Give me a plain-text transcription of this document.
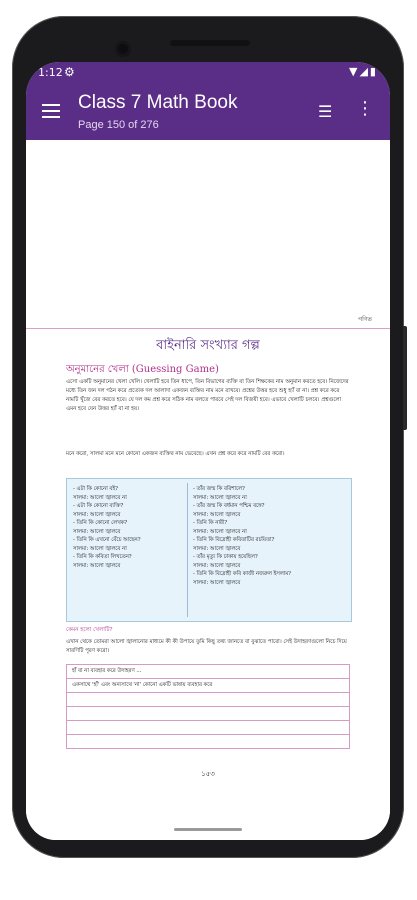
1:12 ⚙	▼◢▮
Class 7 Math Book
Page 150 of 276
☰ ⋮
গণিত
বাইনারি সংখ্যার গল্প
অনুমানের খেলা (Guessing Game)
এসো একটি অনুমানের খেলা খেলি। খেলাটি হবে তিন ধাপে, তিন বিভাগের ব্যক্তি বা তিন শিক্ষকের নাম অনুমান করতে হবে। নিজেদের মধ্যে তিন জন দল গঠন করে প্রত্যেক দল আলাদা একজন ব্যক্তির নাম মনে রাখবে। প্রশ্নের উত্তর হবে শুধু হ্যাঁ বা না। প্রশ্ন করে করে নামটি খুঁজে বের করতে হবে। যে দল কম প্রশ্ন করে সঠিক নাম বলতে পারবে সেই দল বিজয়ী হবে। এভাবে খেলাটি চলবে। প্রশ্নগুলো এমন হবে যেন উত্তর হ্যাঁ বা না হয়।
মনে করো, সালমা মনে মনে কোনো একজন ব্যক্তির নাম ভেবেছে। এখন প্রশ্ন করে করে নামটি বের করো।
- এটা কি কোনো বই?
সালমা: আলো জ্বালবে না
- এটা কি কোনো ব্যক্তি?
সালমা: আলো জ্বালবে
- তিনি কি কোনো লেখক?
সালমা: আলো জ্বালবে
- তিনি কি এখনো বেঁচে আছেন?
সালমা: আলো জ্বালবে না
- তিনি কি কবিতা লিখতেন?
সালমা: আলো জ্বালবে
- তাঁর জন্ম কি বরিশালে?
সালমা: আলো জ্বালবে না
- তাঁর জন্ম কি বর্ধমান পশ্চিম বঙ্গে?
সালমা: আলো জ্বালবে
- তিনি কি নারী?
সালমা: আলো জ্বালবে না
- তিনি কি বিদ্রোহী কবিতাটির রচয়িতা?
সালমা: আলো জ্বালবে
- তাঁর মৃত্যু কি ঢাকায় হয়েছিল?
সালমা: আলো জ্বালবে
- তিনি কি বিদ্রোহী কবি কাজী নজরুল ইসলাম?
সালমা: আলো জ্বালবে
কেমন হলো খেলাটি?
এখান থেকে তোমরা আলো জ্বালানোর মাধ্যমে কী কী উপায়ে তুমি কিছু তথ্য জানতে বা বুঝাতে পারো। সেই উদাহরণগুলো নিচে দিয়ে সারণিটি পূরণ করো।
হাঁ বা না ব্যবহার করে উদাহরণ ...
একসাথে 'হাঁ' এবং অন্যসাথে 'না' কোনো একটি ভাষায় ব্যবহার করে

১৫৩
